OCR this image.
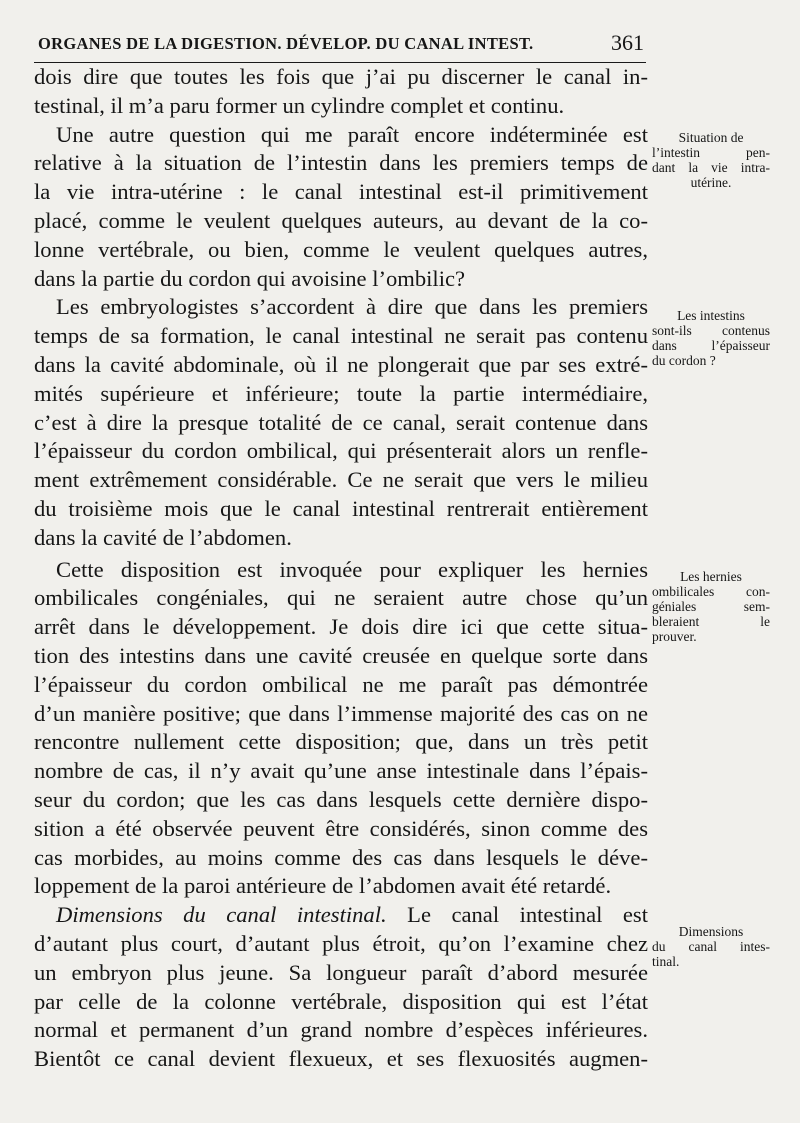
ORGANES DE LA DIGESTION. DÉVELOP. DU CANAL INTEST.	361
dois dire que toutes les fois que j’ai pu discerner le canal in-
testinal, il m’a paru former un cylindre complet et continu.
Une autre question qui me paraît encore indéterminée est
relative à la situation de l’intestin dans les premiers temps de
la vie intra-utérine : le canal intestinal est-il primitivement
placé, comme le veulent quelques auteurs, au devant de la co-
lonne vertébrale, ou bien, comme le veulent quelques autres,
dans la partie du cordon qui avoisine l’ombilic?
Les embryologistes s’accordent à dire que dans les premiers
temps de sa formation, le canal intestinal ne serait pas contenu
dans la cavité abdominale, où il ne plongerait que par ses extré-
mités supérieure et inférieure; toute la partie intermédiaire,
c’est à dire la presque totalité de ce canal, serait contenue dans
l’épaisseur du cordon ombilical, qui présenterait alors un renfle-
ment extrêmement considérable. Ce ne serait que vers le milieu
du troisième mois que le canal intestinal rentrerait entièrement
dans la cavité de l’abdomen.
Cette disposition est invoquée pour expliquer les hernies
ombilicales congéniales, qui ne seraient autre chose qu’un
arrêt dans le développement. Je dois dire ici que cette situa-
tion des intestins dans une cavité creusée en quelque sorte dans
l’épaisseur du cordon ombilical ne me paraît pas démontrée
d’un manière positive; que dans l’immense majorité des cas on ne
rencontre nullement cette disposition; que, dans un très petit
nombre de cas, il n’y avait qu’une anse intestinale dans l’épais-
seur du cordon; que les cas dans lesquels cette dernière dispo-
sition a été observée peuvent être considérés, sinon comme des
cas morbides, au moins comme des cas dans lesquels le déve-
loppement de la paroi antérieure de l’abdomen avait été retardé.
Dimensions du canal intestinal. Le canal intestinal est
d’autant plus court, d’autant plus étroit, qu’on l’examine chez
un embryon plus jeune. Sa longueur paraît d’abord mesurée
par celle de la colonne vertébrale, disposition qui est l’état
normal et permanent d’un grand nombre d’espèces inférieures.
Bientôt ce canal devient flexueux, et ses flexuosités augmen-
Situation de
l’intestin pen-
dant la vie intra-
utérine.
Les intestins
sont-ils contenus
dans l’épaisseur
du cordon ?
Les hernies
ombilicales con-
géniales sem-
bleraient le
prouver.
Dimensions
du canal intes-
tinal.
